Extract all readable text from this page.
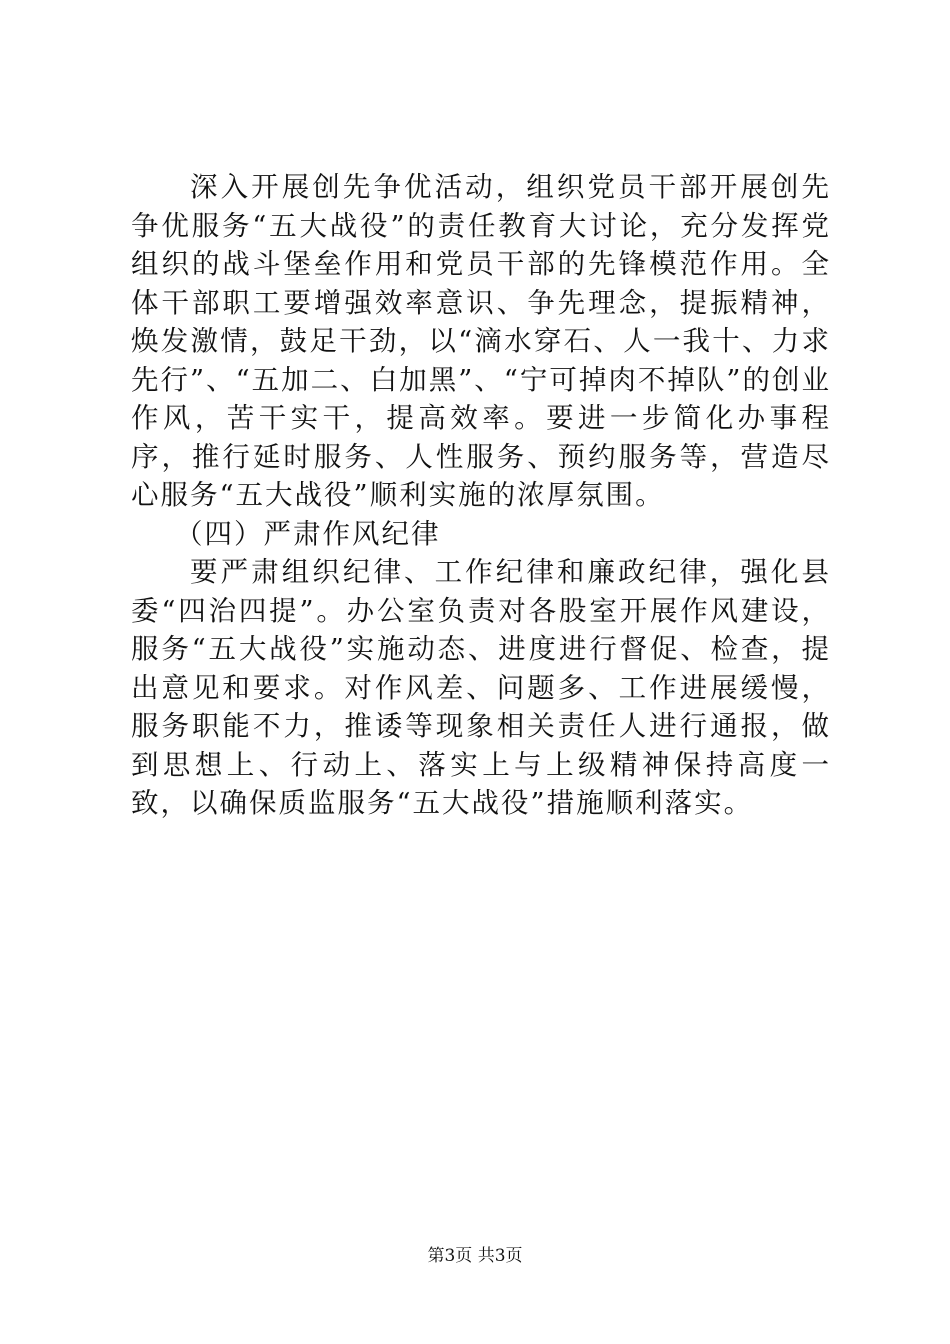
深入开展创先争优活动，组织党员干部开展创先争优服务“五大战役”的责任教育大讨论，充分发挥党组织的战斗堡垒作用和党员干部的先锋模范作用。全体干部职工要增强效率意识、争先理念，提振精神，焕发激情，鼓足干劲，以“滴水穿石、人一我十、力求先行”、“五加二、白加黑”、“宁可掉肉不掉队”的创业作风，苦干实干，提高效率。要进一步简化办事程序，推行延时服务、人性服务、预约服务等，营造尽心服务“五大战役”顺利实施的浓厚氛围。

（四）严肃作风纪律

要严肃组织纪律、工作纪律和廉政纪律，强化县委“四治四提”。办公室负责对各股室开展作风建设，服务“五大战役”实施动态、进度进行督促、检查，提出意见和要求。对作风差、问题多、工作进展缓慢，服务职能不力，推诿等现象相关责任人进行通报，做到思想上、行动上、落实上与上级精神保持高度一致，以确保质监服务“五大战役”措施顺利落实。

第3页 共3页
